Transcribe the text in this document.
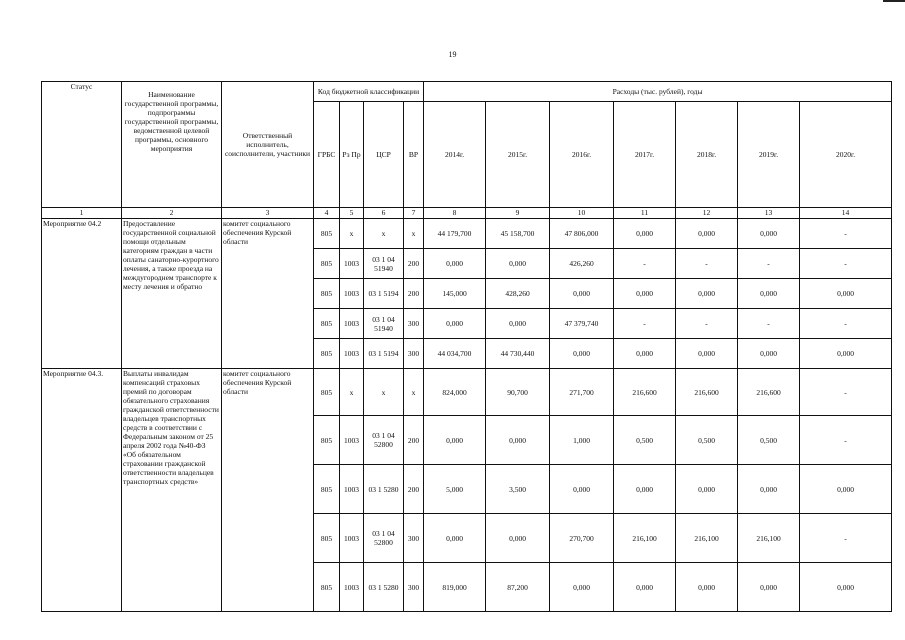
19
Статус	Наименование государственной программы, подпрограммы государственной программы, ведомственной целевой программы, основного мероприятия	Ответственный исполнитель, соисполнители, участники	Код бюджетной классификации				Расходы (тыс. рублей), годы						
			ГРБС	Рз Пр	ЦСР	ВР	2014г.	2015г.	2016г.	2017г.	2018г.	2019г.	2020г.
1	2	3	4	5	6	7	8	9	10	11	12	13	14
Мероприятие 04.2	Предоставление государственной социальной помощи отдельным категориям граждан в части оплаты санаторно-курортного лечения, а также проезда на междугороднем транспорте к месту лечения и обратно	комитет социального обеспечения Курской области	805	x	x	x	44 179,700	45 158,700	47 806,000	0,000	0,000	0,000	-
			805	1003	03 1 04 51940	200	0,000	0,000	426,260	-	-	-	-
			805	1003	03 1 5194	200	145,000	428,260	0,000	0,000	0,000	0,000	0,000
			805	1003	03 1 04 51940	300	0,000	0,000	47 379,740	-	-	-	-
			805	1003	03 1 5194	300	44 034,700	44 730,440	0,000	0,000	0,000	0,000	0,000
Мероприятие 04.3.	Выплаты инвалидам компенсаций страховых премий по договорам обязательного страхования гражданской ответственности владельцев транспортных средств в соответствии с Федеральным законом от 25 апреля 2002 года №40-ФЗ «Об обязательном страховании гражданской ответственности владельцев транспортных средств»	комитет социального обеспечения Курской области	805	x	x	x	824,000	90,700	271,700	216,600	216,600	216,600	-
			805	1003	03 1 04 52800	200	0,000	0,000	1,000	0,500	0,500	0,500	-
			805	1003	03 1 5280	200	5,000	3,500	0,000	0,000	0,000	0,000	0,000
			805	1003	03 1 04 52800	300	0,000	0,000	270,700	216,100	216,100	216,100	-
			805	1003	03 1 5280	300	819,000	87,200	0,000	0,000	0,000	0,000	0,000
